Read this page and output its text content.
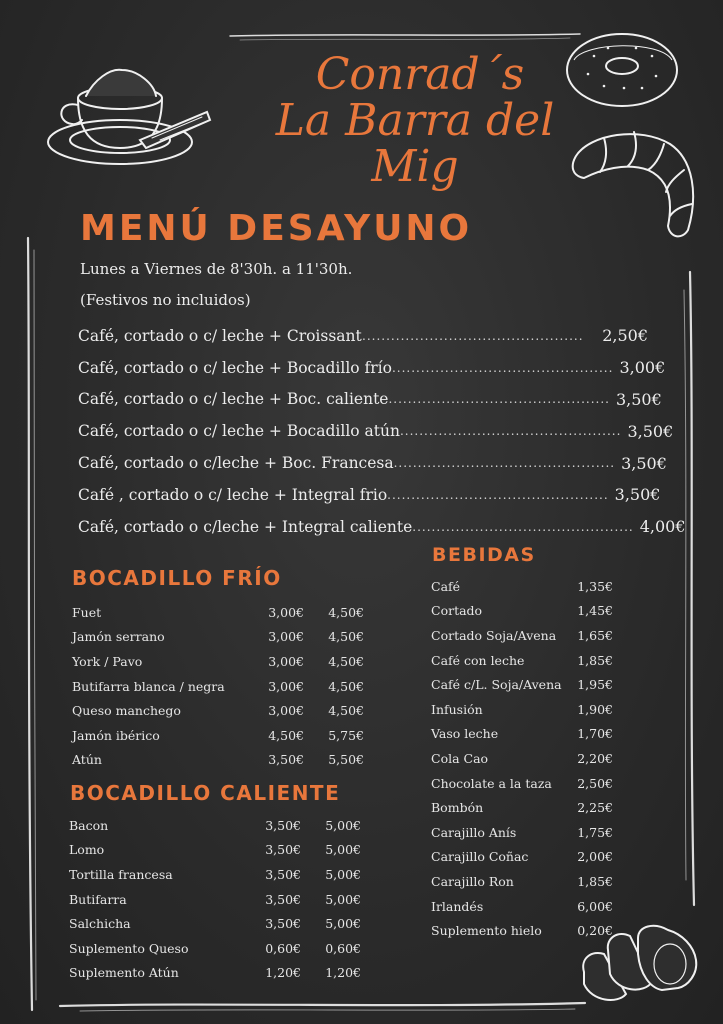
Conrad´s
La Barra del Mig
MENÚ DESAYUNO
Lunes a Viernes de 8'30h. a 11'30h.
(Festivos no incluidos)
Café, cortado o c/ leche + Croissant ..............................................	2,50€
Café, cortado o c/ leche + Bocadillo frío .............................................. 3,00€
Café, cortado o c/ leche + Boc. caliente .............................................. 3,50€
Café, cortado o c/ leche + Bocadillo atún .............................................. 3,50€
Café, cortado o c/leche + Boc. Francesa .............................................. 3,50€
Café , cortado o c/ leche + Integral frio .............................................. 3,50€
Café, cortado o c/leche + Integral caliente .............................................. 4,00€
BOCADILLO FRÍO
Fuet	3,00€	4,50€
Jamón serrano	3,00€	4,50€
York / Pavo	3,00€	4,50€
Butifarra blanca / negra	3,00€	4,50€
Queso manchego	3,00€	4,50€
Jamón ibérico	4,50€	5,75€
Atún	3,50€	5,50€
BOCADILLO CALIENTE
Bacon	3,50€	5,00€
Lomo	3,50€	5,00€
Tortilla francesa	3,50€	5,00€
Butifarra	3,50€	5,00€
Salchicha	3,50€	5,00€
Suplemento Queso	0,60€	0,60€
Suplemento Atún	1,20€	1,20€
BEBIDAS
Café	1,35€
Cortado	1,45€
Cortado Soja/Avena	1,65€
Café con leche	1,85€
Café c/L. Soja/Avena	1,95€
Infusión	1,90€
Vaso leche	1,70€
Cola Cao	2,20€
Chocolate a la taza	2,50€
Bombón	2,25€
Carajillo Anís	1,75€
Carajillo Coñac	2,00€
Carajillo Ron	1,85€
Irlandés	6,00€
Suplemento hielo	0,20€
